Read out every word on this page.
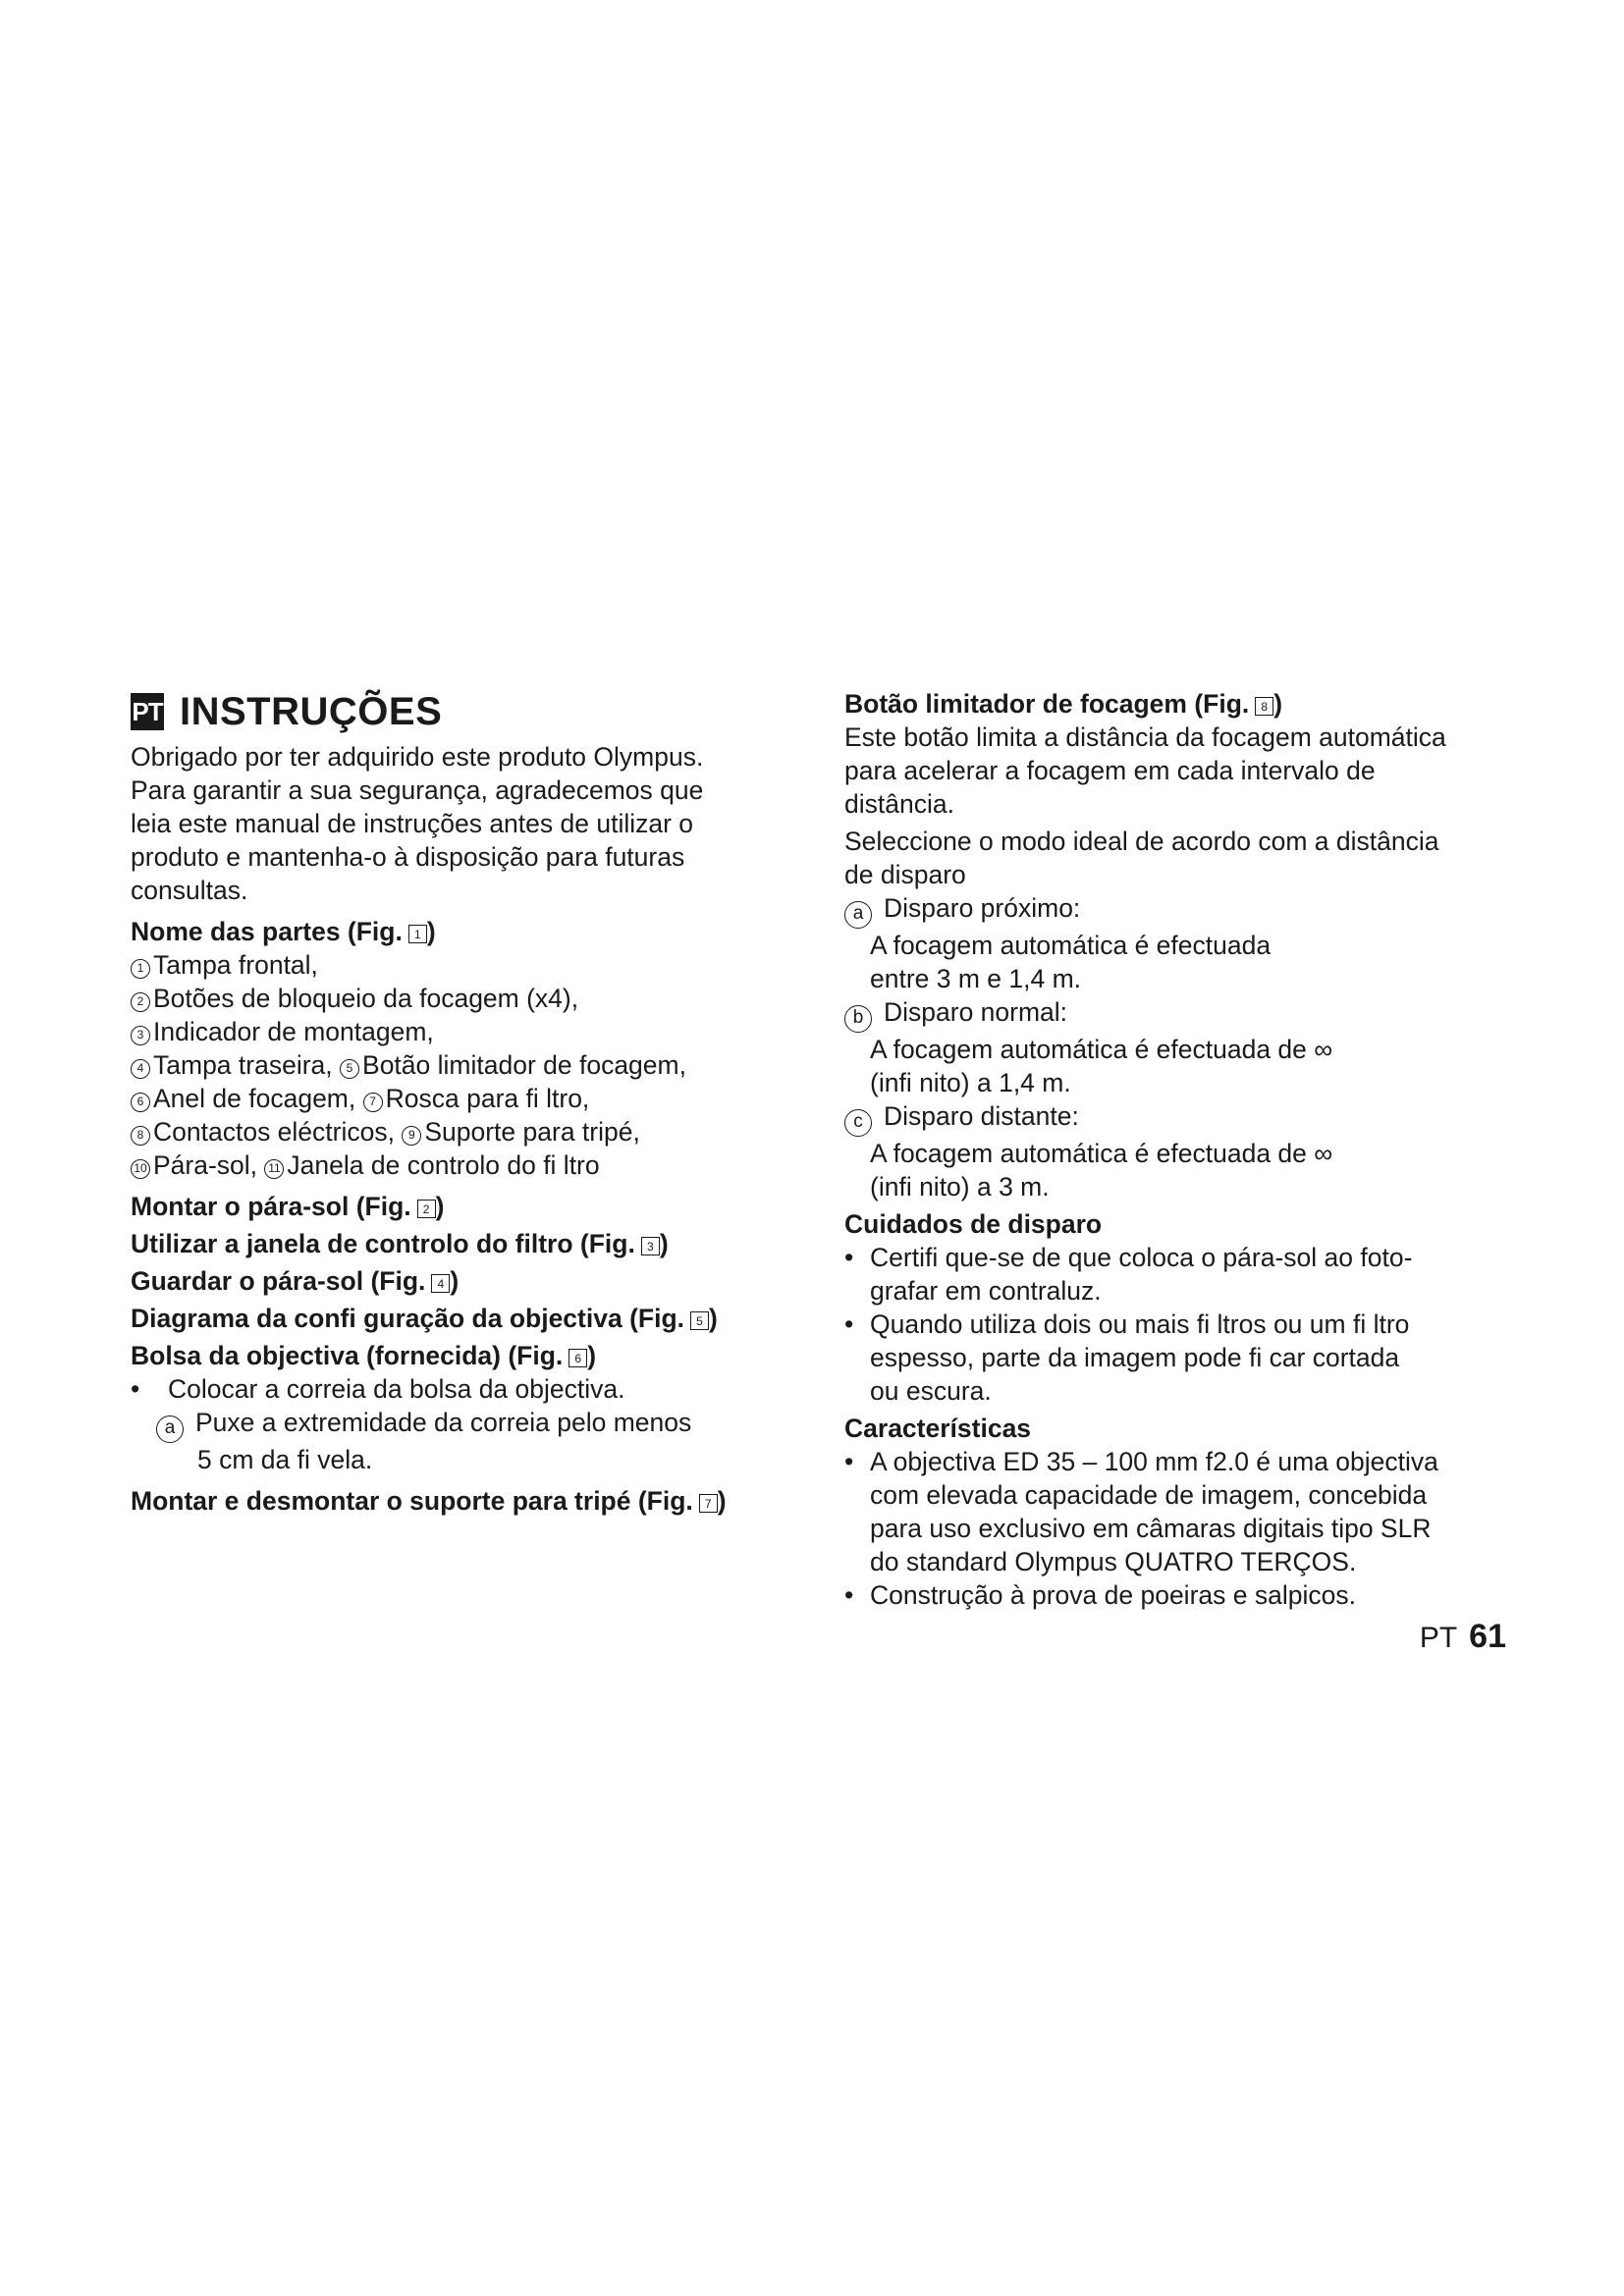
PT INSTRUÇÕES

Obrigado por ter adquirido este produto Olympus.

Para garantir a sua segurança, agradecemos que

leia este manual de instruções antes de utilizar o

produto e mantenha-o à disposição para futuras

consultas.

Nome das partes (Fig. 1 )

1 Tampa frontal,

2 Botões de bloqueio da focagem (x4),

3 Indicador de montagem,

4 Tampa traseira, 5 Botão limitador de focagem,

6 Anel de focagem, 7 Rosca para fi ltro,

8 Contactos eléctricos, 9 Suporte para tripé,

10 Pára-sol, 11 Janela de controlo do fi ltro

Montar o pára-sol (Fig. 2 )

Utilizar a janela de controlo do filtro (Fig. 3 )

Guardar o pára-sol (Fig. 4 )

Diagrama da confi guração da objectiva (Fig. 5 )

Bolsa da objectiva (fornecida) (Fig. 6 )

•	Colocar a correia da bolsa da objectiva.

a Puxe a extremidade da correia pelo menos

5 cm da fi vela.

Montar e desmontar o suporte para tripé (Fig. 7 )

Botão limitador de focagem (Fig. 8 )

Este botão limita a distância da focagem automática

para acelerar a focagem em cada intervalo de

distância.

Seleccione o modo ideal de acordo com a distância

de disparo

a Disparo próximo:

A focagem automática é efectuada

entre 3 m e 1,4 m.

b Disparo normal:

A focagem automática é efectuada de ∞

(infi nito) a 1,4 m.

c Disparo distante:

A focagem automática é efectuada de ∞

(infi nito) a 3 m.

Cuidados de disparo

• Certifi que-se de que coloca o pára-sol ao foto-

grafar em contraluz.

• Quando utiliza dois ou mais fi ltros ou um fi ltro

espesso, parte da imagem pode fi car cortada

ou escura.

Características

• A objectiva ED 35 – 100 mm f2.0 é uma objectiva

com elevada capacidade de imagem, concebida

para uso exclusivo em câmaras digitais tipo SLR

do standard Olympus QUATRO TERÇOS.

• Construção à prova de poeiras e salpicos.

PT 61
